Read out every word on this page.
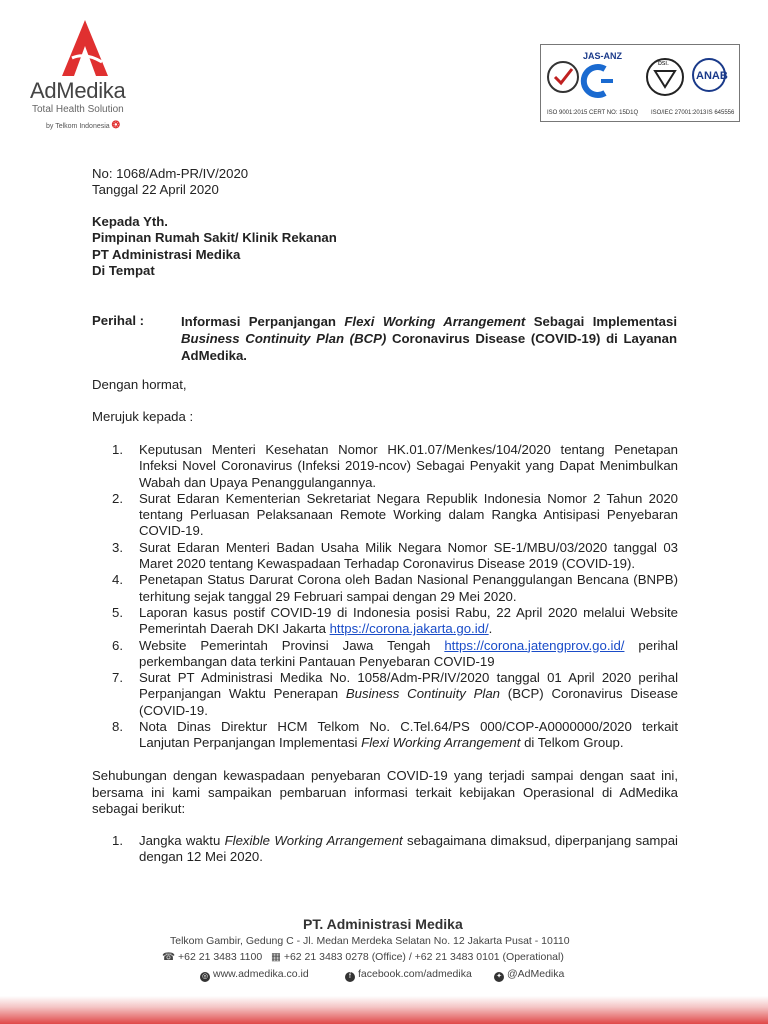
AdMedika
Total Health Solution
by Telkom Indonesia ❂
JAS-ANZ
bsi.
ANAB
ISO 9001:2015 CERT NO: 15D1Q ISO/IEC 27001:2013 IS 645556
No: 1068/Adm-PR/IV/2020
Tanggal 22 April 2020
Kepada Yth.
Pimpinan Rumah Sakit/ Klinik Rekanan
PT Administrasi Medika
Di Tempat
Perihal :	Informasi Perpanjangan Flexi Working Arrangement Sebagai Implementasi Business Continuity Plan (BCP) Coronavirus Disease (COVID-19) di Layanan AdMedika.
Dengan hormat,
Merujuk kepada :
1. Keputusan Menteri Kesehatan Nomor HK.01.07/Menkes/104/2020 tentang Penetapan Infeksi Novel Coronavirus (Infeksi 2019-ncov) Sebagai Penyakit yang Dapat Menimbulkan Wabah dan Upaya Penanggulangannya.
2. Surat Edaran Kementerian Sekretariat Negara Republik Indonesia Nomor 2 Tahun 2020 tentang Perluasan Pelaksanaan Remote Working dalam Rangka Antisipasi Penyebaran COVID-19.
3. Surat Edaran Menteri Badan Usaha Milik Negara Nomor SE-1/MBU/03/2020 tanggal 03 Maret 2020 tentang Kewaspadaan Terhadap Coronavirus Disease 2019 (COVID-19).
4. Penetapan Status Darurat Corona oleh Badan Nasional Penanggulangan Bencana (BNPB) terhitung sejak tanggal 29 Februari sampai dengan 29 Mei 2020.
5. Laporan kasus postif COVID-19 di Indonesia posisi Rabu, 22 April 2020 melalui Website Pemerintah Daerah DKI Jakarta https://corona.jakarta.go.id/.
6. Website Pemerintah Provinsi Jawa Tengah https://corona.jatengprov.go.id/ perihal perkembangan data terkini Pantauan Penyebaran COVID-19
7. Surat PT Administrasi Medika No. 1058/Adm-PR/IV/2020 tanggal 01 April 2020 perihal Perpanjangan Waktu Penerapan Business Continuity Plan (BCP) Coronavirus Disease (COVID-19.
8. Nota Dinas Direktur HCM Telkom No. C.Tel.64/PS 000/COP-A0000000/2020 terkait Lanjutan Perpanjangan Implementasi Flexi Working Arrangement di Telkom Group.
Sehubungan dengan kewaspadaan penyebaran COVID-19 yang terjadi sampai dengan saat ini, bersama ini kami sampaikan pembaruan informasi terkait kebijakan Operasional di AdMedika sebagai berikut:
1. Jangka waktu Flexible Working Arrangement sebagaimana dimaksud, diperpanjang sampai dengan 12 Mei 2020.
PT. Administrasi Medika
Telkom Gambir, Gedung C - Jl. Medan Merdeka Selatan No. 12 Jakarta Pusat - 10110
☎ +62 21 3483 1100 ▦ +62 21 3483 0278 (Office) / +62 21 3483 0101 (Operational)
◎ www.admedika.co.id	f facebook.com/admedika	✦ @AdMedika
